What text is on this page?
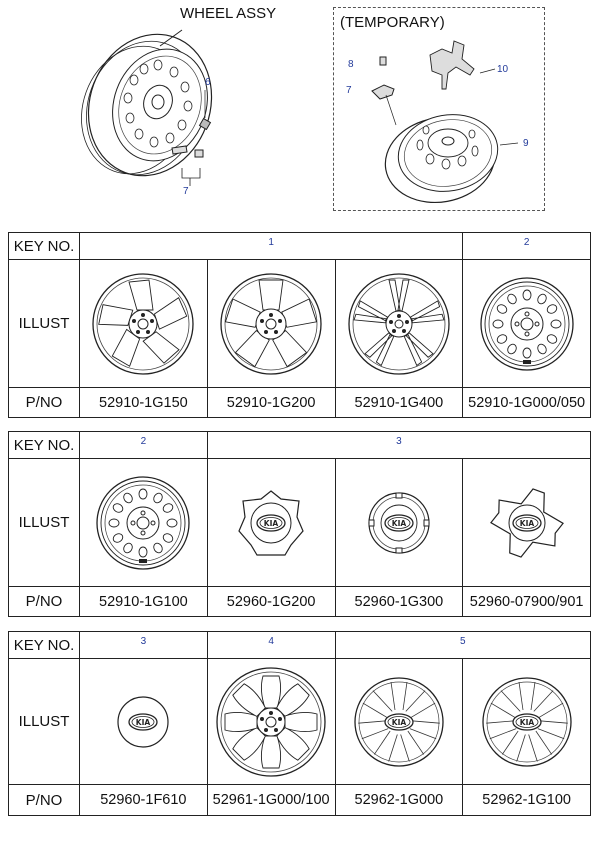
WHEEL ASSY
6
7
(TEMPORARY)
8
7
10
9
KEY NO.	1			2

ILLUST	

P/NO	52910-1G150	52910-1G200	52910-1G400	52910-1G000/050
KEY NO.	2	3		

ILLUST	

P/NO	52910-1G100	52960-1G200	52960-1G300	52960-07900/901
KEY NO.	3	4	5	

ILLUST	

P/NO	52960-1F610	52961-1G000/100	52962-1G000	52962-1G100
